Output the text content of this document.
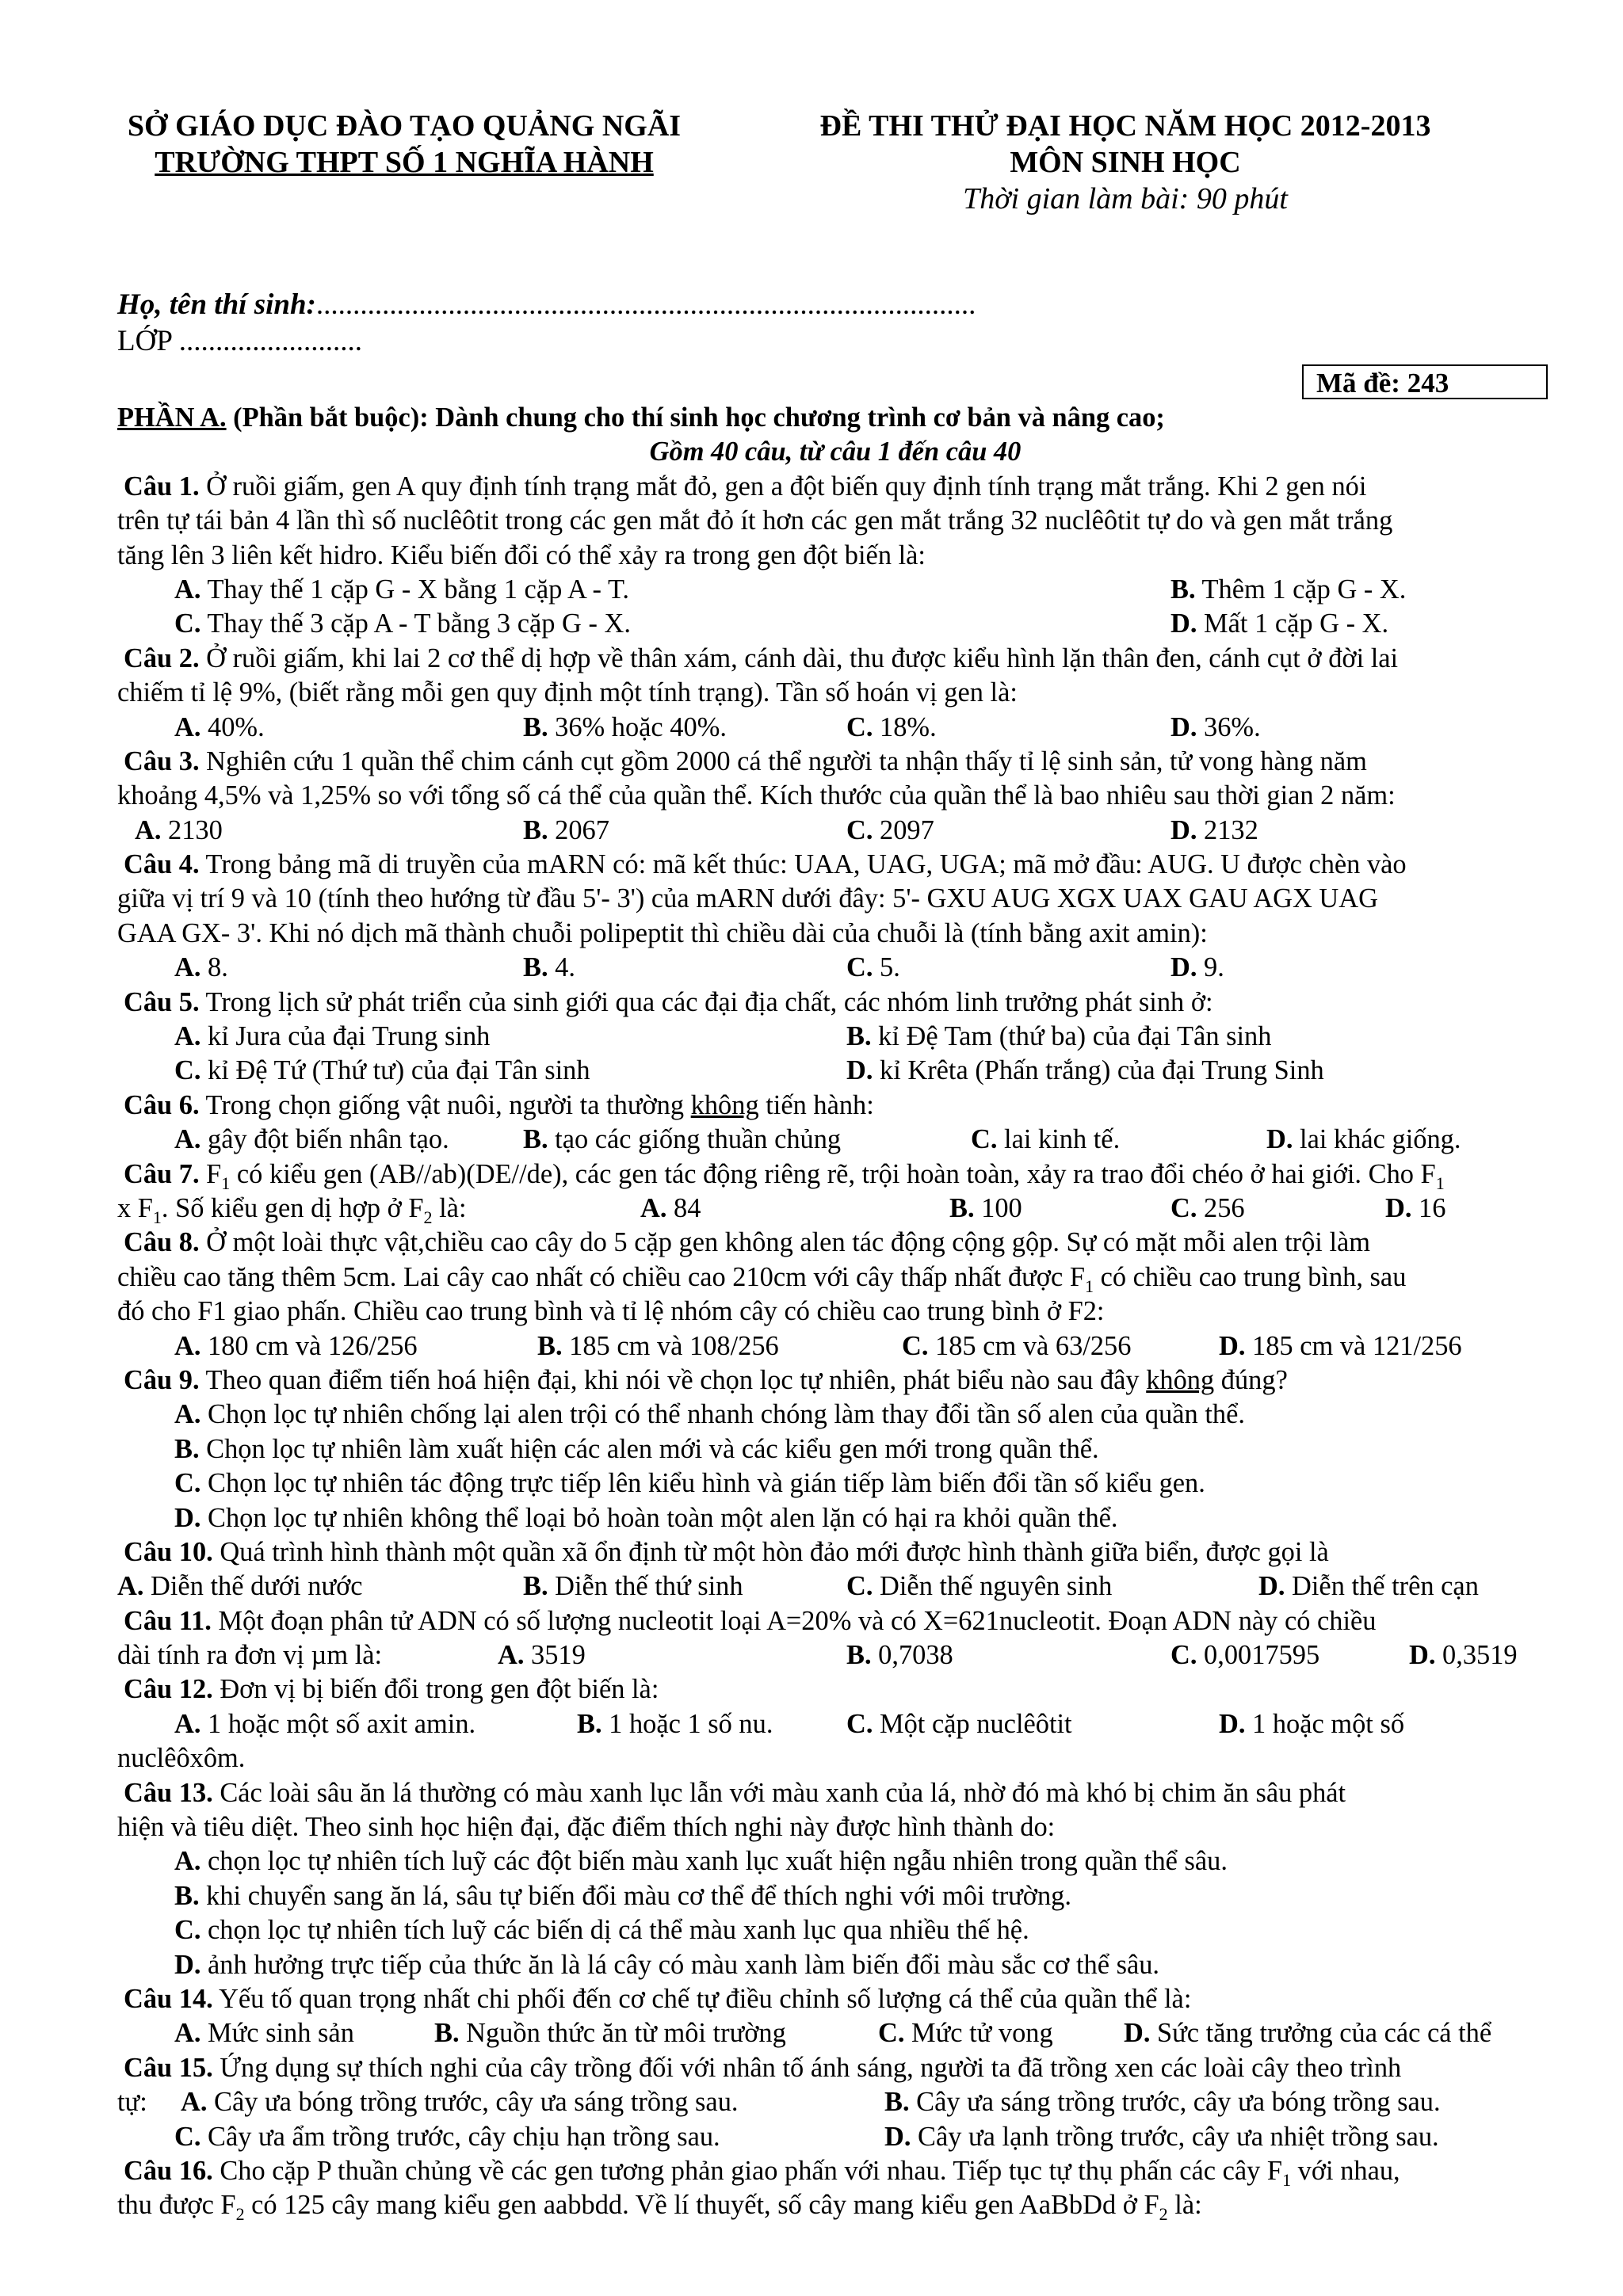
SỞ GIÁO DỤC ĐÀO TẠO QUẢNG NGÃI
TRƯỜNG THPT SỐ 1 NGHĨA HÀNH
ĐỀ THI THỬ ĐẠI HỌC NĂM HỌC 2012-2013
MÔN SINH HỌC
Thời gian làm bài: 90 phút
Họ, tên thí sinh:..........................................................................................
LỚP .........................
Mã đề: 243
PHẦN A. (Phần bắt buộc): Dành chung cho thí sinh học chương trình cơ bản và nâng cao;
Gồm 40 câu, từ câu 1 đến câu 40
Câu 1. Ở ruồi giấm, gen A quy định tính trạng mắt đỏ, gen a đột biến quy định tính trạng mắt trắng. Khi 2 gen nói
trên tự tái bản 4 lần thì số nuclêôtit trong các gen mắt đỏ ít hơn các gen mắt trắng 32 nuclêôtit tự do và gen mắt trắng
tăng lên 3 liên kết hidro. Kiểu biến đổi có thể xảy ra trong gen đột biến là:
A. Thay thế 1 cặp G - X bằng 1 cặp A - T.	B. Thêm 1 cặp G - X.
C. Thay thế 3 cặp A - T bằng 3 cặp G - X.	D. Mất 1 cặp G - X.
Câu 2. Ở ruồi giấm, khi lai 2 cơ thể dị hợp về thân xám, cánh dài, thu được kiểu hình lặn thân đen, cánh cụt ở đời lai
chiếm tỉ lệ 9%, (biết rằng mỗi gen quy định một tính trạng). Tần số hoán vị gen là:
A. 40%.	B. 36% hoặc 40%.	C. 18%.	D. 36%.
Câu 3. Nghiên cứu 1 quần thể chim cánh cụt gồm 2000 cá thể người ta nhận thấy tỉ lệ sinh sản, tử vong hàng năm
khoảng 4,5% và 1,25% so với tổng số cá thể của quần thể. Kích thước của quần thể là bao nhiêu sau thời gian 2 năm:
A. 2130	B. 2067	C. 2097	D. 2132
Câu 4. Trong bảng mã di truyền của mARN có: mã kết thúc: UAA, UAG, UGA; mã mở đầu: AUG. U được chèn vào
giữa vị trí 9 và 10 (tính theo hướng từ đầu 5'- 3') của mARN dưới đây: 5'- GXU AUG XGX UAX GAU AGX UAG
GAA GX- 3'. Khi nó dịch mã thành chuỗi polipeptit thì chiều dài của chuỗi là (tính bằng axit amin):
A. 8.	B. 4.	C. 5.	D. 9.
Câu 5. Trong lịch sử phát triển của sinh giới qua các đại địa chất, các nhóm linh trưởng phát sinh ở:
A. kỉ Jura của đại Trung sinh	B. kỉ Đệ Tam (thứ ba) của đại Tân sinh
C. kỉ Đệ Tứ (Thứ tư) của đại Tân sinh	D. kỉ Krêta (Phấn trắng) của đại Trung Sinh
Câu 6. Trong chọn giống vật nuôi, người ta thường không tiến hành:
A. gây đột biến nhân tạo.	B. tạo các giống thuần chủng	C. lai kinh tế.	D. lai khác giống.
Câu 7. $F_1$ có kiểu gen (AB//ab)(DE//de), các gen tác động riêng rẽ, trội hoàn toàn, xảy ra trao đổi chéo ở hai giới. Cho $F_1$
x $F_1$. Số kiểu gen dị hợp ở $F_2$ là:	A. 84	B. 100	C. 256	D. 16
Câu 8. Ở một loài thực vật,chiều cao cây do 5 cặp gen không alen tác động cộng gộp. Sự có mặt mỗi alen trội làm
chiều cao tăng thêm 5cm. Lai cây cao nhất có chiều cao 210cm với cây thấp nhất được $F_1$ có chiều cao trung bình, sau
đó cho F1 giao phấn. Chiều cao trung bình và tỉ lệ nhóm cây có chiều cao trung bình ở F2:
A. 180 cm và 126/256	B. 185 cm và 108/256	C. 185 cm và 63/256	D. 185 cm và 121/256
Câu 9. Theo quan điểm tiến hoá hiện đại, khi nói về chọn lọc tự nhiên, phát biểu nào sau đây không đúng?
A. Chọn lọc tự nhiên chống lại alen trội có thể nhanh chóng làm thay đổi tần số alen của quần thể.
B. Chọn lọc tự nhiên làm xuất hiện các alen mới và các kiểu gen mới trong quần thể.
C. Chọn lọc tự nhiên tác động trực tiếp lên kiểu hình và gián tiếp làm biến đổi tần số kiểu gen.
D. Chọn lọc tự nhiên không thể loại bỏ hoàn toàn một alen lặn có hại ra khỏi quần thể.
Câu 10. Quá trình hình thành một quần xã ổn định từ một hòn đảo mới được hình thành giữa biển, được gọi là
A. Diễn thế dưới nước	B. Diễn thế thứ sinh	C. Diễn thế nguyên sinh	D. Diễn thế trên cạn
Câu 11. Một đoạn phân tử ADN có số lượng nucleotit loại A=20% và có X=621nucleotit. Đoạn ADN này có chiều
dài tính ra đơn vị µm là:	A. 3519	B. 0,7038	C. 0,0017595	D. 0,3519
Câu 12. Đơn vị bị biến đổi trong gen đột biến là:
A. 1 hoặc một số axit amin.	B. 1 hoặc 1 số nu.	C. Một cặp nuclêôtit	D. 1 hoặc một số
nuclêôxôm.
Câu 13. Các loài sâu ăn lá thường có màu xanh lục lẫn với màu xanh của lá, nhờ đó mà khó bị chim ăn sâu phát
hiện và tiêu diệt. Theo sinh học hiện đại, đặc điểm thích nghi này được hình thành do:
A. chọn lọc tự nhiên tích luỹ các đột biến màu xanh lục xuất hiện ngẫu nhiên trong quần thể sâu.
B. khi chuyển sang ăn lá, sâu tự biến đổi màu cơ thể để thích nghi với môi trường.
C. chọn lọc tự nhiên tích luỹ các biến dị cá thể màu xanh lục qua nhiều thế hệ.
D. ảnh hưởng trực tiếp của thức ăn là lá cây có màu xanh làm biến đổi màu sắc cơ thể sâu.
Câu 14. Yếu tố quan trọng nhất chi phối đến cơ chế tự điều chỉnh số lượng cá thể của quần thể là:
A. Mức sinh sản	B. Nguồn thức ăn từ môi trường	C. Mức tử vong	D. Sức tăng trưởng của các cá thể
Câu 15. Ứng dụng sự thích nghi của cây trồng đối với nhân tố ánh sáng, người ta đã trồng xen các loài cây theo trình
tự: A. Cây ưa bóng trồng trước, cây ưa sáng trồng sau.	B. Cây ưa sáng trồng trước, cây ưa bóng trồng sau.
C. Cây ưa ẩm trồng trước, cây chịu hạn trồng sau.	D. Cây ưa lạnh trồng trước, cây ưa nhiệt trồng sau.
Câu 16. Cho cặp P thuần chủng về các gen tương phản giao phấn với nhau. Tiếp tục tự thụ phấn các cây $F_1$ với nhau,
thu được $F_2$ có 125 cây mang kiểu gen aabbdd. Về lí thuyết, số cây mang kiểu gen AaBbDd ở $F_2$ là:
